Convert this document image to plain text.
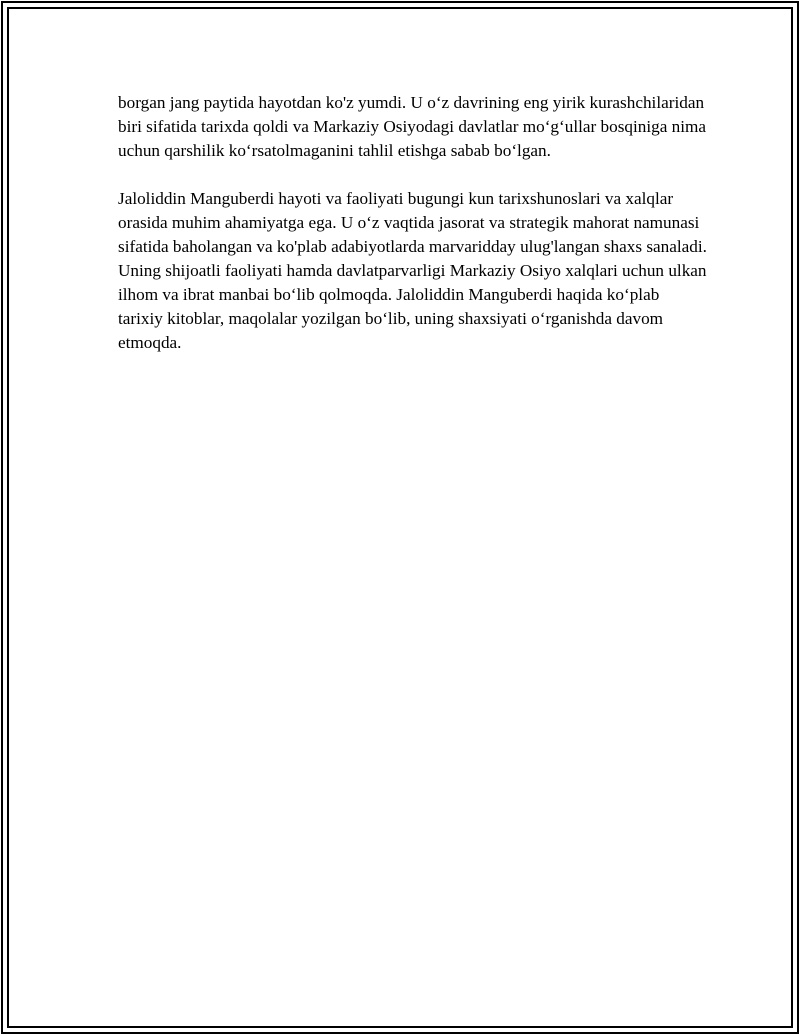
borgan jang paytida hayotdan ko'z yumdi. U oʻz davrining eng yirik kurashchilaridan biri sifatida tarixda qoldi va Markaziy Osiyodagi davlatlar moʻgʻullar bosqiniga nima uchun qarshilik koʻrsatolmaganini tahlil etishga sabab boʻlgan.

Jaloliddin Manguberdi hayoti va faoliyati bugungi kun tarixshunoslari va xalqlar orasida muhim ahamiyatga ega. U oʻz vaqtida jasorat va strategik mahorat namunasi sifatida baholangan va ko'plab adabiyotlarda marvaridday ulug'langan shaxs sanaladi. Uning shijoatli faoliyati hamda davlatparvarligi Markaziy Osiyo xalqlari uchun ulkan ilhom va ibrat manbai boʻlib qolmoqda. Jaloliddin Manguberdi haqida koʻplab tarixiy kitoblar, maqolalar yozilgan boʻlib, uning shaxsiyati oʻrganishda davom etmoqda.
